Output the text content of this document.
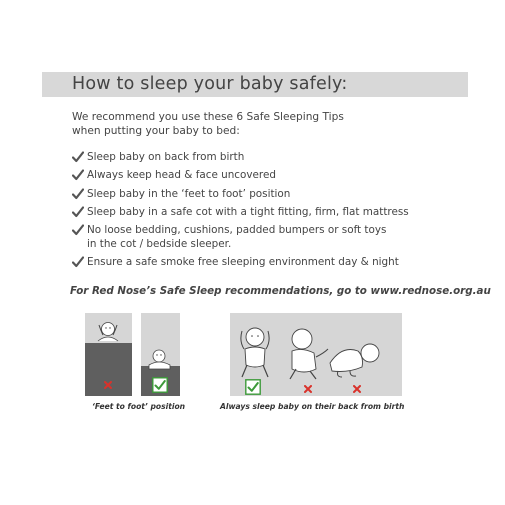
How to sleep your baby safely:
We recommend you use these 6 Safe Sleeping Tips
when putting your baby to bed:
Sleep baby on back from birth
Always keep head & face uncovered
Sleep baby in the ‘feet to foot’ position
Sleep baby in a safe cot with a tight fitting, firm, flat mattress
No loose bedding, cushions, padded bumpers or soft toys
in the cot / bedside sleeper.
Ensure a safe smoke free sleeping environment day & night
For Red Nose’s Safe Sleep recommendations, go to www.rednose.org.au
‘Feet to foot’ position	Always sleep baby on their back from birth
